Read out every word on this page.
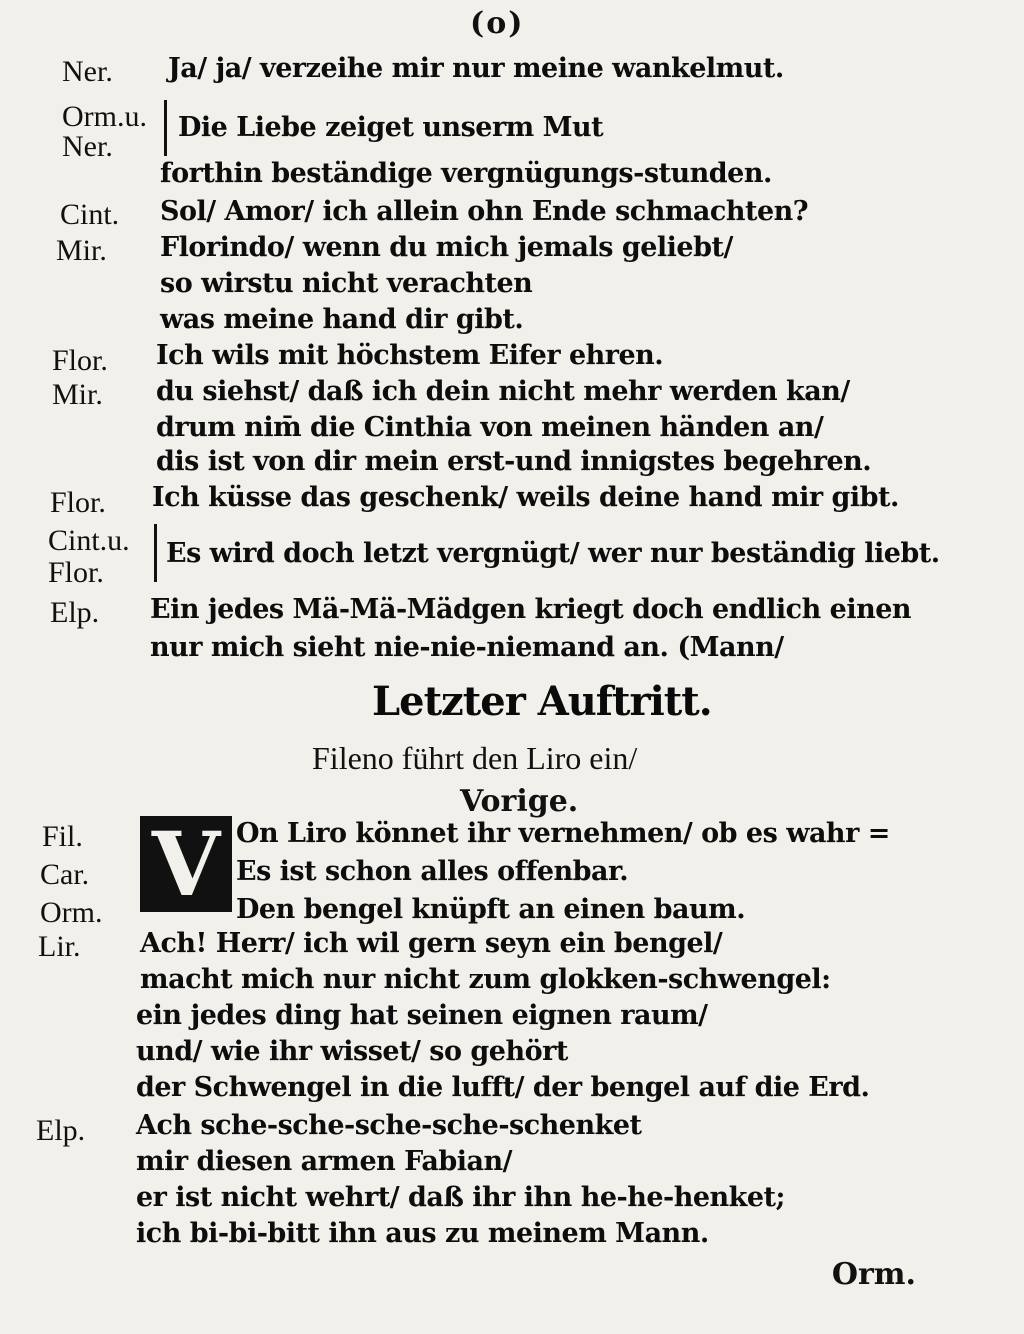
(o)
Ner. Ja/ ja/ verzeihe mir nur meine wankelmut.
Orm.u.
Ner.
Die Liebe zeiget unserm Mut
forthin beständige vergnügungs-stunden.
Cint. Sol/ Amor/ ich allein ohn Ende schmachten?
Mir. Florindo/ wenn du mich jemals geliebt/
so wirstu nicht verachten
was meine hand dir gibt.
Flor. Ich wils mit höchstem Eifer ehren.
Mir. du siehst/ daß ich dein nicht mehr werden kan/
drum nim̄ die Cinthia von meinen händen an/
dis ist von dir mein erst-und innigstes begehren.
Flor. Ich küsse das geschenk/ weils deine hand mir gibt.
Cint.u.
Flor.
Es wird doch letzt vergnügt/ wer nur beständig liebt.
Elp. Ein jedes Mä-Mä-Mädgen kriegt doch endlich einen
nur mich sieht nie-nie-niemand an. (Mann/
Letzter Auftritt.
Fileno führt den Liro ein/
Vorige.
V
Fil.	On Liro könnet ihr vernehmen/ ob es wahr =
Car.	Es ist schon alles offenbar.
Orm.	Den bengel knüpft an einen baum.
Lir. Ach! Herr/ ich wil gern seyn ein bengel/
macht mich nur nicht zum glokken-schwengel:
ein jedes ding hat seinen eignen raum/
und/ wie ihr wisset/ so gehört
der Schwengel in die lufft/ der bengel auf die Erd.
Elp. Ach sche-sche-sche-sche-schenket
mir diesen armen Fabian/
er ist nicht wehrt/ daß ihr ihn he-he-henket;
ich bi-bi-bitt ihn aus zu meinem Mann.
Orm.
